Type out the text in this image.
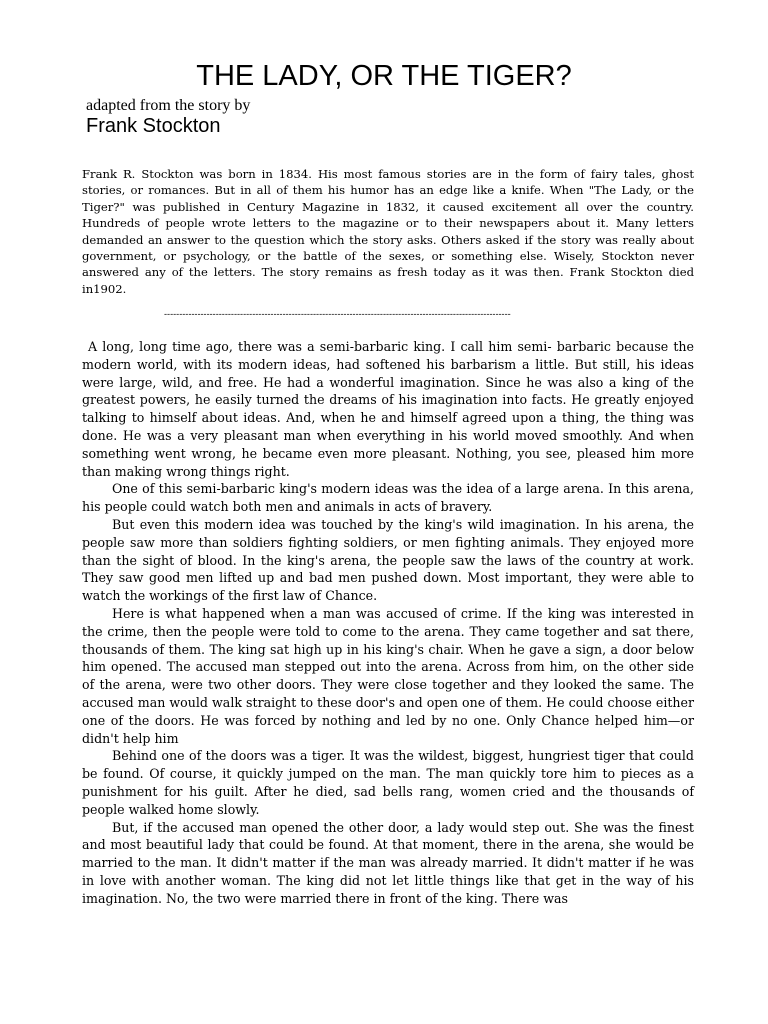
THE LADY, OR THE TIGER?
adapted from the story by
Frank Stockton

Frank R. Stockton was born in 1834. His most famous stories are in the form of fairy tales, ghost stories, or romances. But in all of them his humor has an edge like a knife. When "The Lady, or the Tiger?" was published in Century Magazine in 1832, it caused excitement all over the country. Hundreds of people wrote letters to the magazine or to their newspapers about it. Many letters demanded an answer to the question which the story asks. Others asked if the story was really about government, or psychology, or the battle of the sexes, or something else. Wisely, Stockton never answered any of the letters. The story remains as fresh today as it was then. Frank Stockton died in1902.

------------------------------------------------------------------------------------------------------------------

A long, long time ago, there was a semi-barbaric king. I call him semi- barbaric because the modern world, with its modern ideas, had softened his barbarism a little. But still, his ideas were large, wild, and free. He had a wonderful imagination. Since he was also a king of the greatest powers, he easily turned the dreams of his imagination into facts. He greatly enjoyed talking to himself about ideas. And, when he and himself agreed upon a thing, the thing was done. He was a very pleasant man when everything in his world moved smoothly. And when something went wrong, he became even more pleasant. Nothing, you see, pleased him more than making wrong things right.

One of this semi-barbaric king's modern ideas was the idea of a large arena. In this arena, his people could watch both men and animals in acts of bravery.

But even this modern idea was touched by the king's wild imagination. In his arena, the people saw more than soldiers fighting soldiers, or men fighting animals. They enjoyed more than the sight of blood. In the king's arena, the people saw the laws of the country at work. They saw good men lifted up and bad men pushed down. Most important, they were able to watch the workings of the first law of Chance.

Here is what happened when a man was accused of crime. If the king was interested in the crime, then the people were told to come to the arena. They came together and sat there, thousands of them. The king sat high up in his king's chair. When he gave a sign, a door below him opened. The accused man stepped out into the arena. Across from him, on the other side of the arena, were two other doors. They were close together and they looked the same. The accused man would walk straight to these door's and open one of them. He could choose either one of the doors. He was forced by nothing and led by no one. Only Chance helped him—or didn't help him

Behind one of the doors was a tiger. It was the wildest, biggest, hungriest tiger that could be found. Of course, it quickly jumped on the man. The man quickly tore him to pieces as a punishment for his guilt. After he died, sad bells rang, women cried and the thousands of people walked home slowly.

But, if the accused man opened the other door, a lady would step out. She was the finest and most beautiful lady that could be found. At that moment, there in the arena, she would be married to the man. It didn't matter if the man was already married. It didn't matter if he was in love with another woman. The king did not let little things like that get in the way of his imagination. No, the two were married there in front of the king. There was
